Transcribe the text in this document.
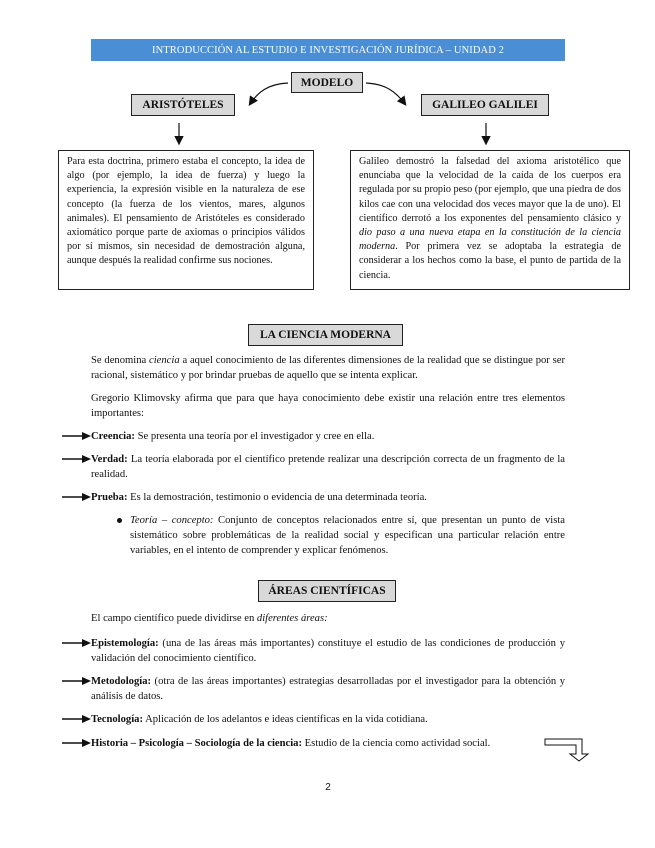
INTRODUCCIÓN AL ESTUDIO E INVESTIGACIÓN JURÍDICA – UNIDAD 2
MODELO
ARISTÓTELES	GALILEO GALILEI
Para esta doctrina, primero estaba el concepto, la idea de algo (por ejemplo, la idea de fuerza) y luego la experiencia, la expresión visible en la naturaleza de ese concepto (la fuerza de los vientos, mares, algunos animales). El pensamiento de Aristóteles es considerado axiomático porque parte de axiomas o principios válidos por sí mismos, sin necesidad de demostración alguna, aunque después la realidad confirme sus nociones.
Galileo demostró la falsedad del axioma aristotélico que enunciaba que la velocidad de la caída de los cuerpos era regulada por su propio peso (por ejemplo, que una piedra de dos kilos cae con una velocidad dos veces mayor que la de uno). El científico derrotó a los exponentes del pensamiento clásico y dio paso a una nueva etapa en la constitución de la ciencia moderna. Por primera vez se adoptaba la estrategia de considerar a los hechos como la base, el punto de partida de la ciencia.
LA CIENCIA MODERNA
Se denomina ciencia a aquel conocimiento de las diferentes dimensiones de la realidad que se distingue por ser racional, sistemático y por brindar pruebas de aquello que se intenta explicar.
Gregorio Klimovsky afirma que para que haya conocimiento debe existir una relación entre tres elementos importantes:
Creencia: Se presenta una teoría por el investigador y cree en ella.
Verdad: La teoría elaborada por el científico pretende realizar una descripción correcta de un fragmento de la realidad.
Prueba: Es la demostración, testimonio o evidencia de una determinada teoría.
Teoría – concepto: Conjunto de conceptos relacionados entre sí, que presentan un punto de vista sistemático sobre problemáticas de la realidad social y especifican una particular relación entre variables, en el intento de comprender y explicar fenómenos.
ÁREAS CIENTÍFICAS
El campo científico puede dividirse en diferentes áreas:
Epistemología: (una de las áreas más importantes) constituye el estudio de las condiciones de producción y validación del conocimiento científico.
Metodología: (otra de las áreas importantes) estrategias desarrolladas por el investigador para la obtención y análisis de datos.
Tecnología: Aplicación de los adelantos e ideas científicas en la vida cotidiana.
Historia – Psicología – Sociología de la ciencia: Estudio de la ciencia como actividad social.
2
